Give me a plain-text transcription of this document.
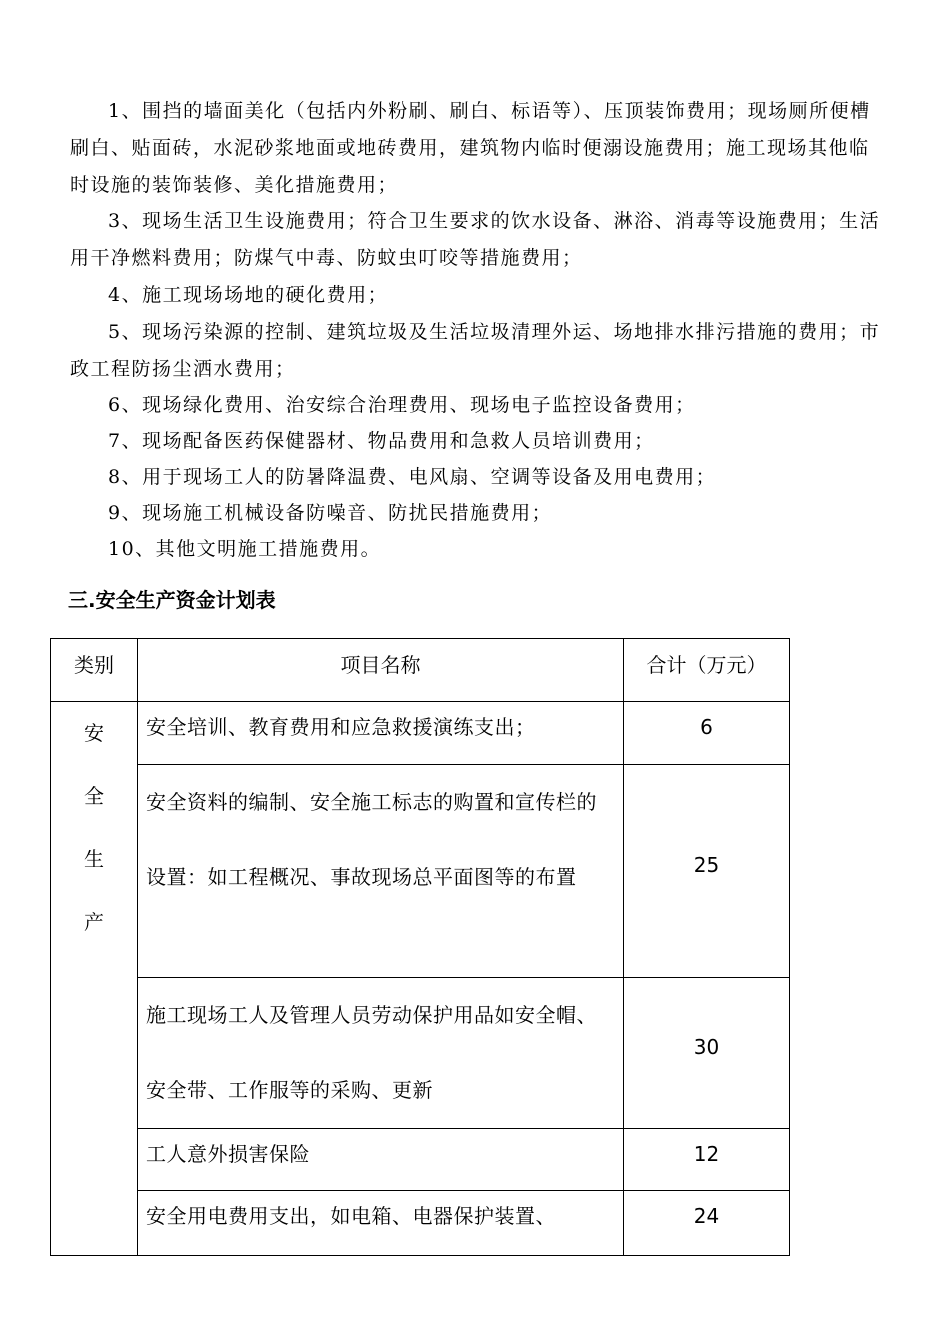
1、围挡的墙面美化（包括内外粉刷、刷白、标语等）、压顶装饰费用；现场厕所便槽刷白、贴面砖，水泥砂浆地面或地砖费用，建筑物内临时便溺设施费用；施工现场其他临时设施的装饰装修、美化措施费用；

3、现场生活卫生设施费用；符合卫生要求的饮水设备、淋浴、消毒等设施费用；生活用干净燃料费用；防煤气中毒、防蚊虫叮咬等措施费用；

4、施工现场场地的硬化费用；

5、现场污染源的控制、建筑垃圾及生活垃圾清理外运、场地排水排污措施的费用；市政工程防扬尘洒水费用；

6、现场绿化费用、治安综合治理费用、现场电子监控设备费用；

7、现场配备医药保健器材、物品费用和急救人员培训费用；

8、用于现场工人的防暑降温费、电风扇、空调等设备及用电费用；

9、现场施工机械设备防噪音、防扰民措施费用；

10、其他文明施工措施费用。

三.安全生产资金计划表
类别	项目名称	合计（万元）

安
全
生
产	安全培训、教育费用和应急救援演练支出；	6
	安全资料的编制、安全施工标志的购置和宣传栏的设置：如工程概况、事故现场总平面图等的布置	25
	施工现场工人及管理人员劳动保护用品如安全帽、安全带、工作服等的采购、更新	30
	工人意外损害保险	12
	安全用电费用支出，如电箱、电器保护装置、	24
